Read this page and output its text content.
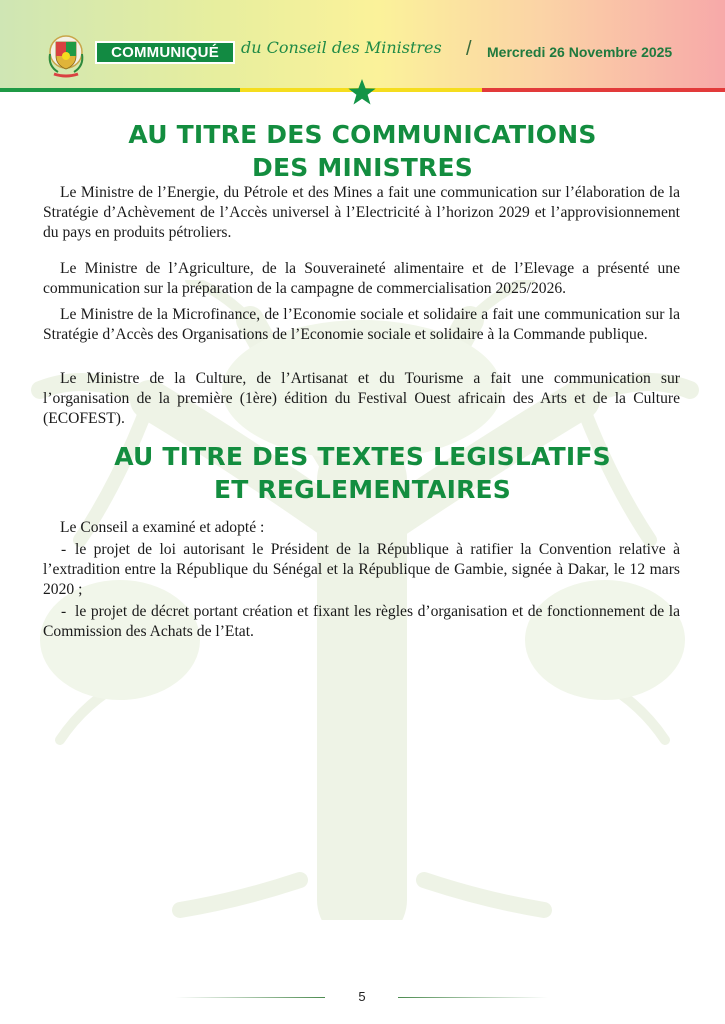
COMMUNIQUÉ	du Conseil des Ministres / Mercredi 26 Novembre 2025
AU TITRE DES COMMUNICATIONS
DES MINISTRES
Le Ministre de l’Energie, du Pétrole et des Mines a fait une communication sur l’élaboration de la Stratégie d’Achèvement de l’Accès universel à l’Electricité à l’horizon 2029 et l’approvisionnement du pays en produits pétroliers.
Le Ministre de l’Agriculture, de la Souveraineté alimentaire et de l’Elevage a présenté une communication sur la préparation de la campagne de commercialisation 2025/2026.
Le Ministre de la Microfinance, de l’Economie sociale et solidaire a fait une communication sur la Stratégie d’Accès des Organisations de l’Economie sociale et solidaire à la Commande publique.
Le Ministre de la Culture, de l’Artisanat et du Tourisme a fait une communication sur l’organisation de la première (1ère) édition du Festival Ouest africain des Arts et de la Culture (ECOFEST).
AU TITRE DES TEXTES LEGISLATIFS
ET REGLEMENTAIRES
Le Conseil a examiné et adopté :
- le projet de loi autorisant le Président de la République à ratifier la Convention relative à l’extradition entre la République du Sénégal et la République de Gambie, signée à Dakar, le 12 mars 2020 ;
- le projet de décret portant création et fixant les règles d’organisation et de fonctionnement de la Commission des Achats de l’Etat.
5
